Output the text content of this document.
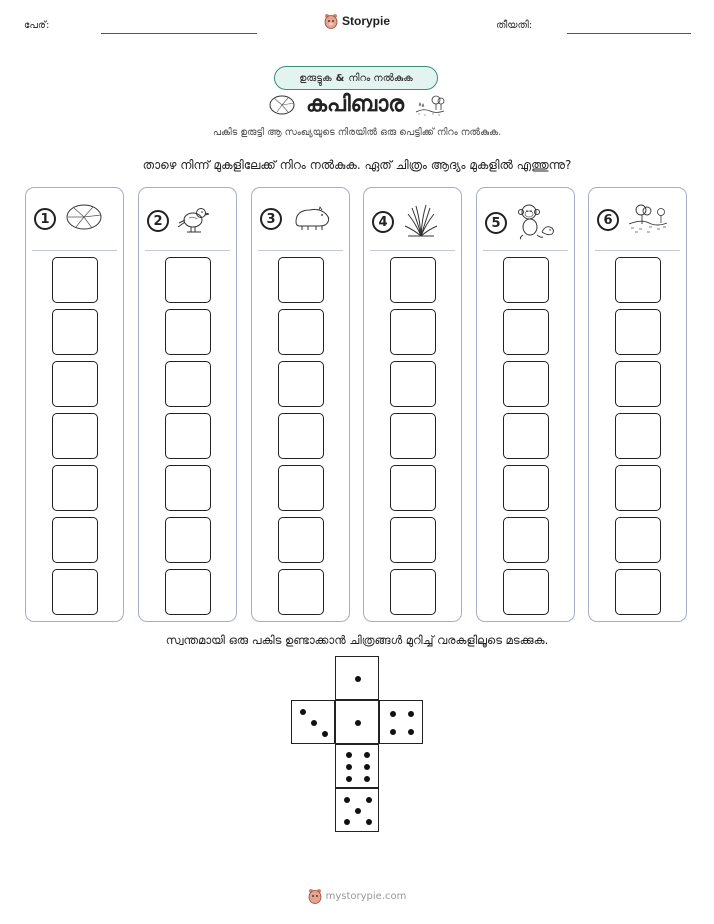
പേര്:	Storypie	തീയതി:
ഉരുട്ടുക & നിറം നൽകുക
കപിബാര
പകിട ഉരുട്ടി ആ സംഖ്യയുടെ നിരയിൽ ഒരു പെട്ടിക്ക് നിറം നൽകുക.
താഴെ നിന്ന് മുകളിലേക്ക് നിറം നൽകുക. ഏത് ചിത്രം ആദ്യം മുകളിൽ എത്തുന്നു?
1	2	3	4	5	6
സ്വന്തമായി ഒരു പകിട ഉണ്ടാക്കാൻ ചിത്രങ്ങൾ മുറിച്ച് വരകളിലൂടെ മടക്കുക.
mystorypie.com
